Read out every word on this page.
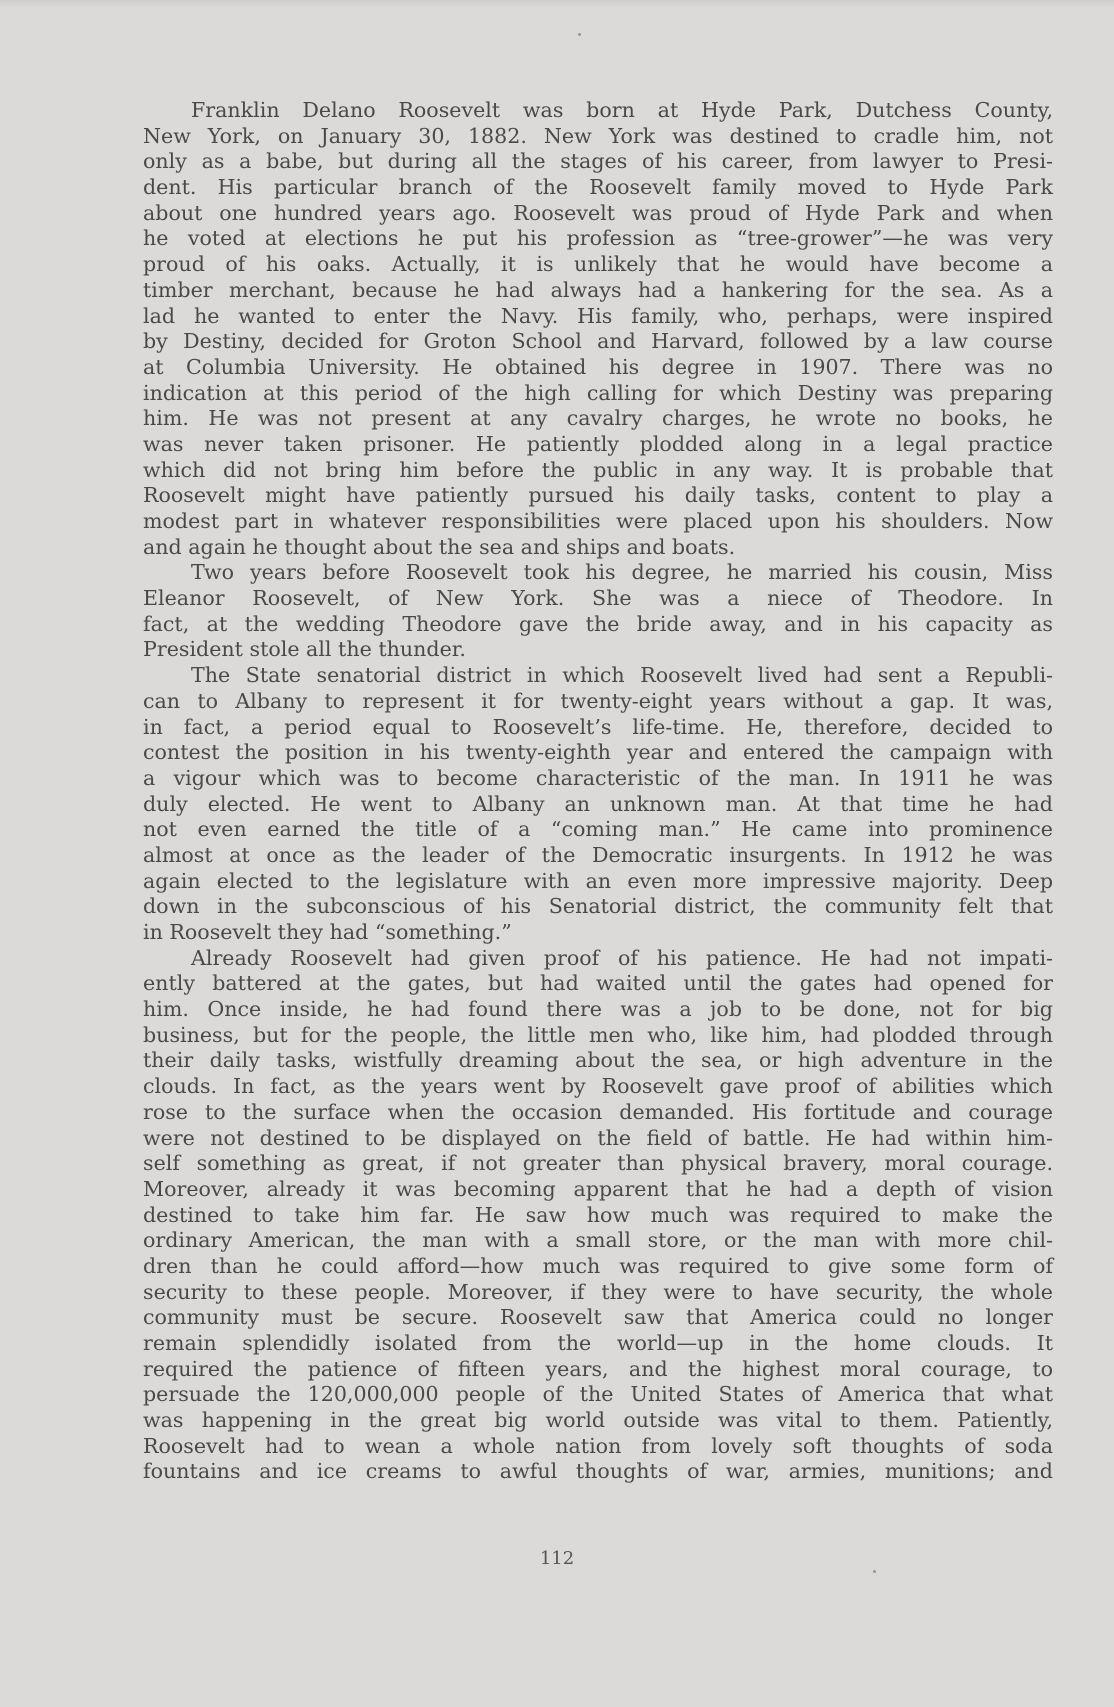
Franklin Delano Roosevelt was born at Hyde Park, Dutchess County,
New York, on January 30, 1882. New York was destined to cradle him, not
only as a babe, but during all the stages of his career, from lawyer to Presi-
dent. His particular branch of the Roosevelt family moved to Hyde Park
about one hundred years ago. Roosevelt was proud of Hyde Park and when
he voted at elections he put his profession as “tree-grower”—he was very
proud of his oaks. Actually, it is unlikely that he would have become a
timber merchant, because he had always had a hankering for the sea. As a
lad he wanted to enter the Navy. His family, who, perhaps, were inspired
by Destiny, decided for Groton School and Harvard, followed by a law course
at Columbia University. He obtained his degree in 1907. There was no
indication at this period of the high calling for which Destiny was preparing
him. He was not present at any cavalry charges, he wrote no books, he
was never taken prisoner. He patiently plodded along in a legal practice
which did not bring him before the public in any way. It is probable that
Roosevelt might have patiently pursued his daily tasks, content to play a
modest part in whatever responsibilities were placed upon his shoulders. Now
and again he thought about the sea and ships and boats.
Two years before Roosevelt took his degree, he married his cousin, Miss
Eleanor Roosevelt, of New York. She was a niece of Theodore. In
fact, at the wedding Theodore gave the bride away, and in his capacity as
President stole all the thunder.
The State senatorial district in which Roosevelt lived had sent a Republi-
can to Albany to represent it for twenty-eight years without a gap. It was,
in fact, a period equal to Roosevelt’s life-time. He, therefore, decided to
contest the position in his twenty-eighth year and entered the campaign with
a vigour which was to become characteristic of the man. In 1911 he was
duly elected. He went to Albany an unknown man. At that time he had
not even earned the title of a “coming man.” He came into prominence
almost at once as the leader of the Democratic insurgents. In 1912 he was
again elected to the legislature with an even more impressive majority. Deep
down in the subconscious of his Senatorial district, the community felt that
in Roosevelt they had “something.”
Already Roosevelt had given proof of his patience. He had not impati-
ently battered at the gates, but had waited until the gates had opened for
him. Once inside, he had found there was a job to be done, not for big
business, but for the people, the little men who, like him, had plodded through
their daily tasks, wistfully dreaming about the sea, or high adventure in the
clouds. In fact, as the years went by Roosevelt gave proof of abilities which
rose to the surface when the occasion demanded. His fortitude and courage
were not destined to be displayed on the field of battle. He had within him-
self something as great, if not greater than physical bravery, moral courage.
Moreover, already it was becoming apparent that he had a depth of vision
destined to take him far. He saw how much was required to make the
ordinary American, the man with a small store, or the man with more chil-
dren than he could afford—how much was required to give some form of
security to these people. Moreover, if they were to have security, the whole
community must be secure. Roosevelt saw that America could no longer
remain splendidly isolated from the world—up in the home clouds. It
required the patience of fifteen years, and the highest moral courage, to
persuade the 120,000,000 people of the United States of America that what
was happening in the great big world outside was vital to them. Patiently,
Roosevelt had to wean a whole nation from lovely soft thoughts of soda
fountains and ice creams to awful thoughts of war, armies, munitions; and
112
